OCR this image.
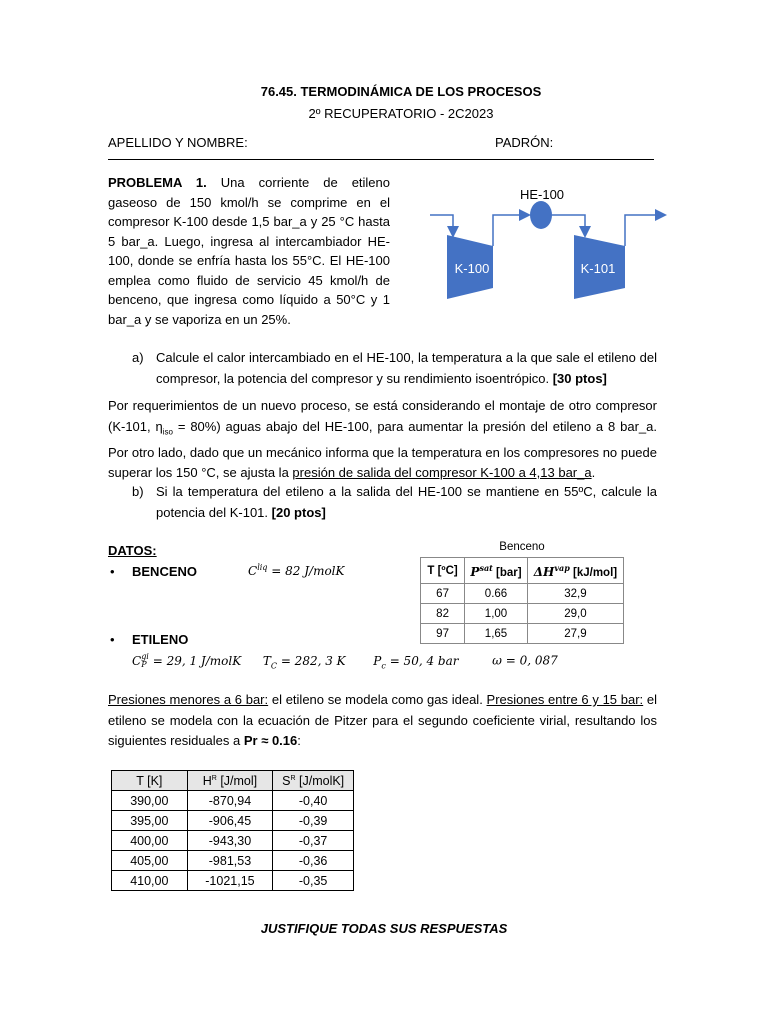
76.45. TERMODINÁMICA DE LOS PROCESOS
2º RECUPERATORIO - 2C2023
APELLIDO Y NOMBRE:	PADRÓN:
PROBLEMA 1. Una corriente de etileno gaseoso de 150 kmol/h se comprime en el compresor K-100 desde 1,5 bar_a y 25 °C hasta 5 bar_a. Luego, ingresa al intercambiador HE-100, donde se enfría hasta los 55°C. El HE-100 emplea como fluido de servicio 45 kmol/h de benceno, que ingresa como líquido a 50°C y 1 bar_a y se vaporiza en un 25%.
HE-100
K-100	K-101
a) Calcule el calor intercambiado en el HE-100, la temperatura a la que sale el etileno del compresor, la potencia del compresor y su rendimiento isoentrópico. [30 ptos]
Por requerimientos de un nuevo proceso, se está considerando el montaje de otro compresor (K-101, $\eta_{iso} = 80\%$) aguas abajo del HE-100, para aumentar la presión del etileno a 8 bar_a. Por otro lado, dado que un mecánico informa que la temperatura en los compresores no puede superar los 150 °C, se ajusta la presión de salida del compresor K-100 a 4,13 bar_a.
b) Si la temperatura del etileno a la salida del HE-100 se mantiene en 55ºC, calcule la potencia del K-101. [20 ptos]
DATOS:
• BENCENO	$C^{liq} = 82$ J/molK
• ETILENO
C gi
P = 29, 1 J/molK $T_C = 282$, 3 K $P_c = 50$, 4 bar	ω = 0, 087
Benceno
T [ºC]	$P^{sat}$ [bar]	$\Delta H^{vap}$ [kJ/mol]
67	0.66	32,9
82	1,00	29,0
97	1,65	27,9
Presiones menores a 6 bar: el etileno se modela como gas ideal. Presiones entre 6 y 15 bar: el etileno se modela con la ecuación de Pitzer para el segundo coeficiente virial, resultando los siguientes residuales a Pr ≈ 0.16:
T [K]	$H^R$ [J/mol]	$S^R$ [J/molK]
390,00	-870,94	-0,40
395,00	-906,45	-0,39
400,00	-943,30	-0,37
405,00	-981,53	-0,36
410,00	-1021,15	-0,35
JUSTIFIQUE TODAS SUS RESPUESTAS
